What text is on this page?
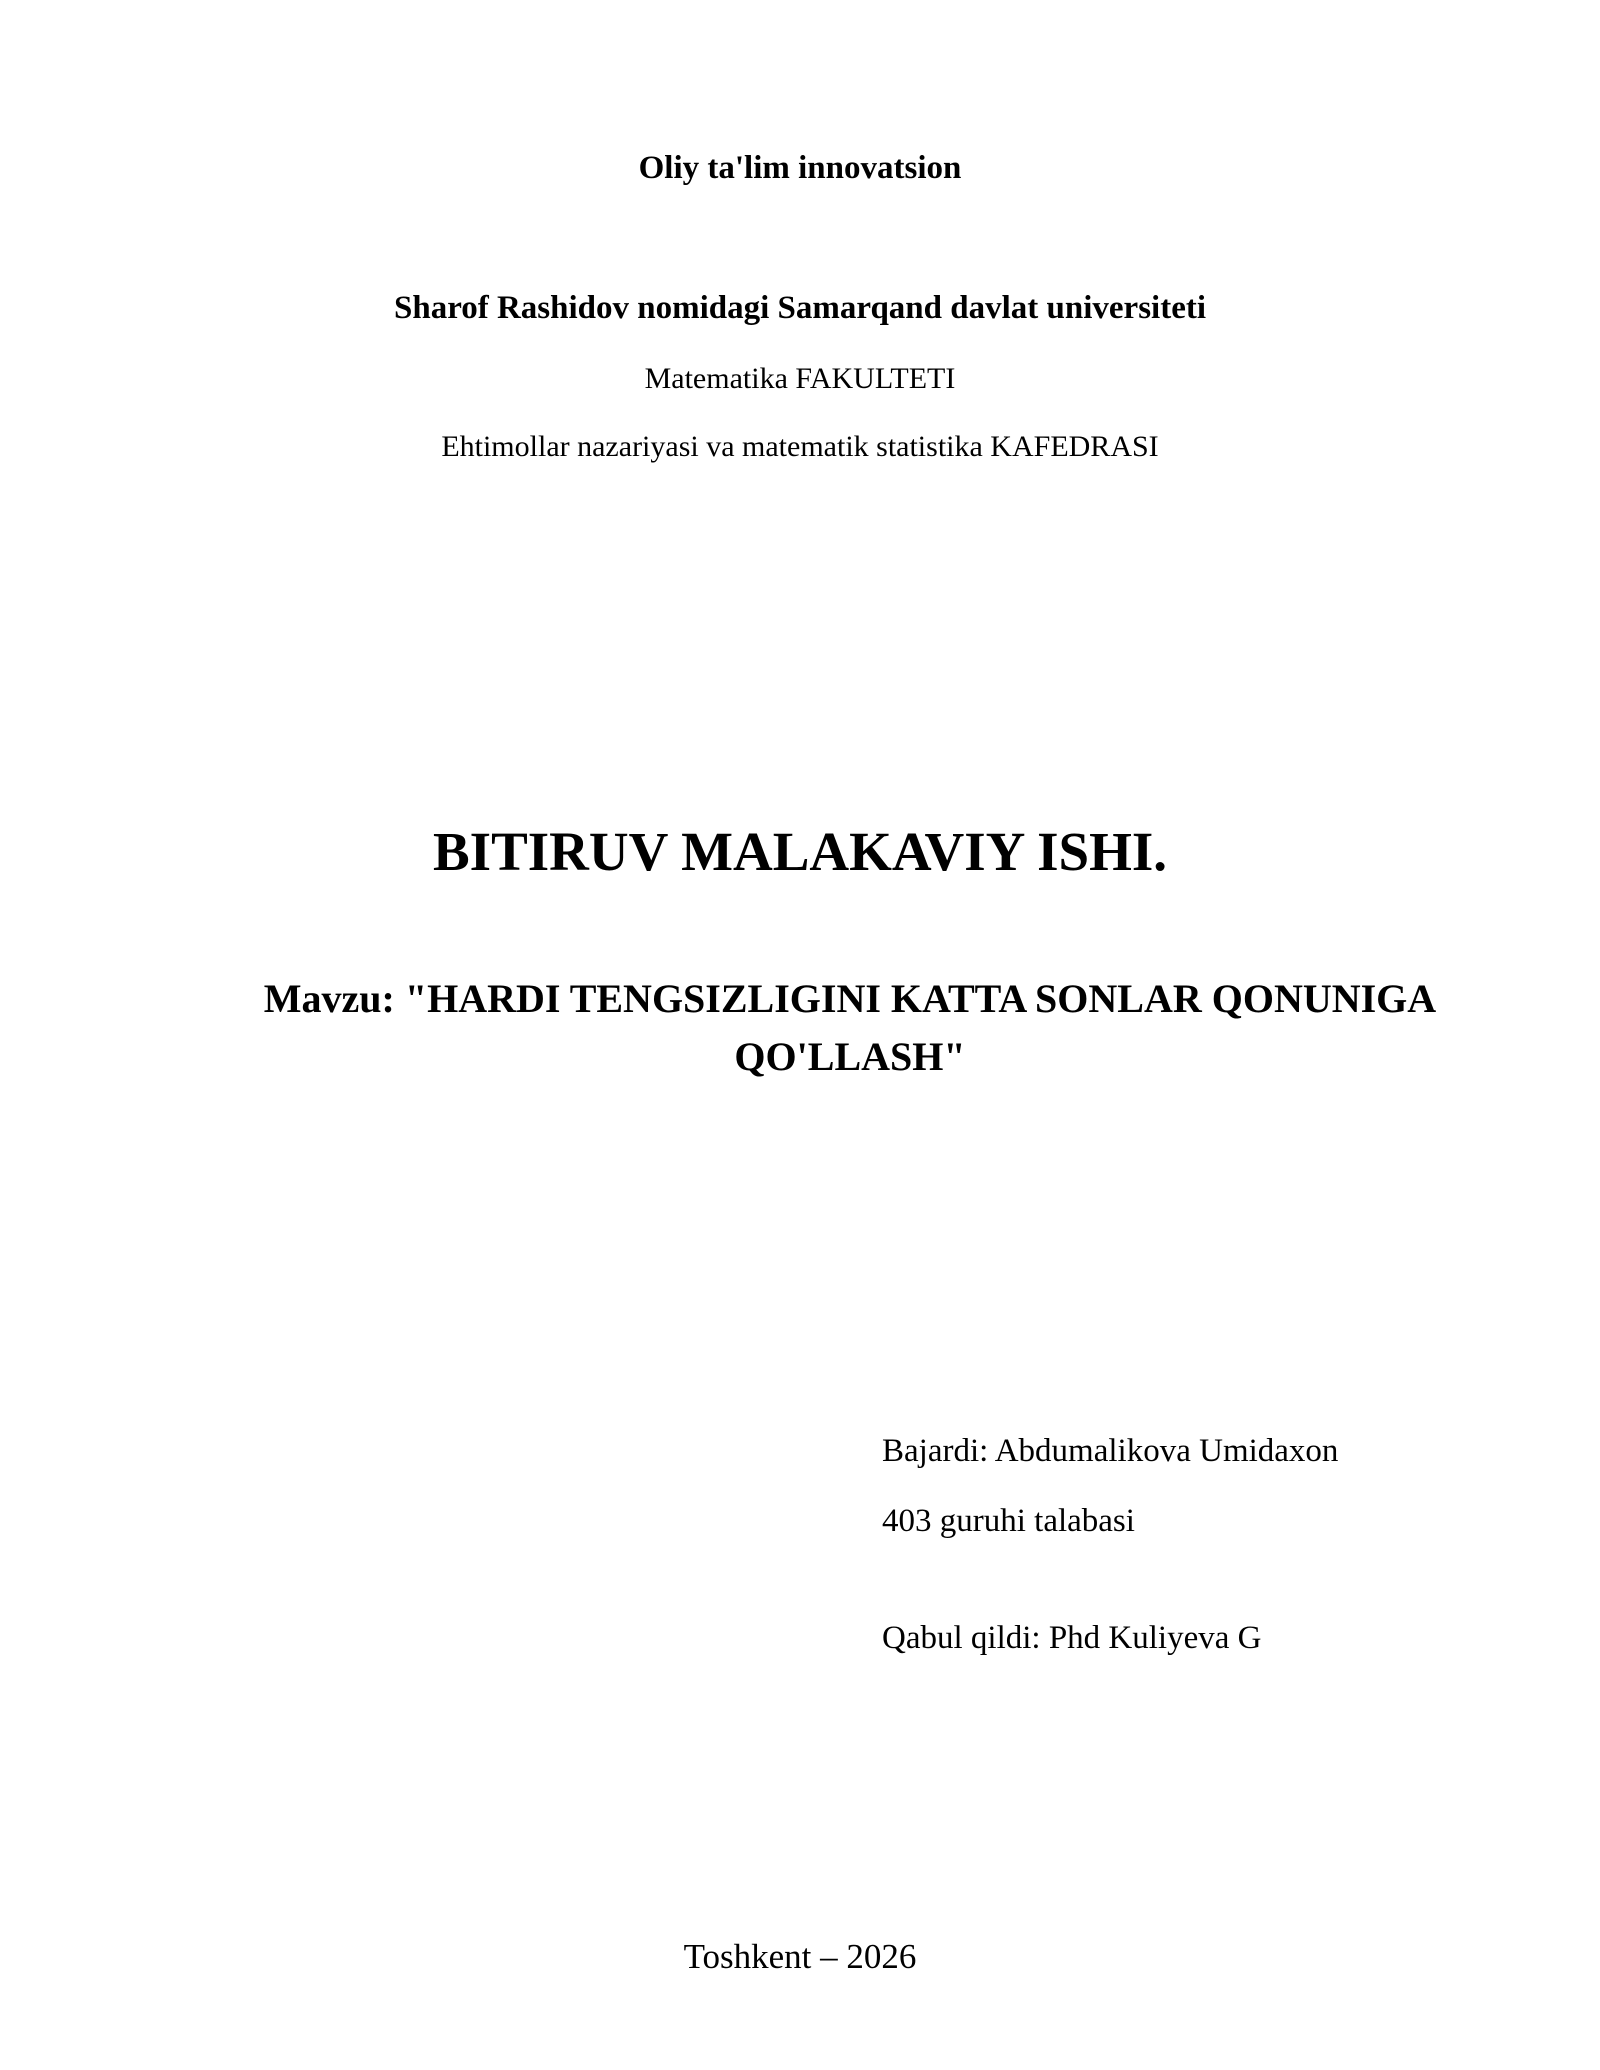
Oliy ta'lim innovatsion
Sharof Rashidov nomidagi Samarqand davlat universiteti
Matematika FAKULTETI
Ehtimollar nazariyasi va matematik statistika KAFEDRASI
BITIRUV MALAKAVIY ISHI.
Mavzu: "HARDI TENGSIZLIGINI KATTA SONLAR QONUNIGA QO'LLASH"
Bajardi: Abdumalikova Umidaxon
403 guruhi talabasi
Qabul qildi: Phd Kuliyeva G
Toshkent – 2026
